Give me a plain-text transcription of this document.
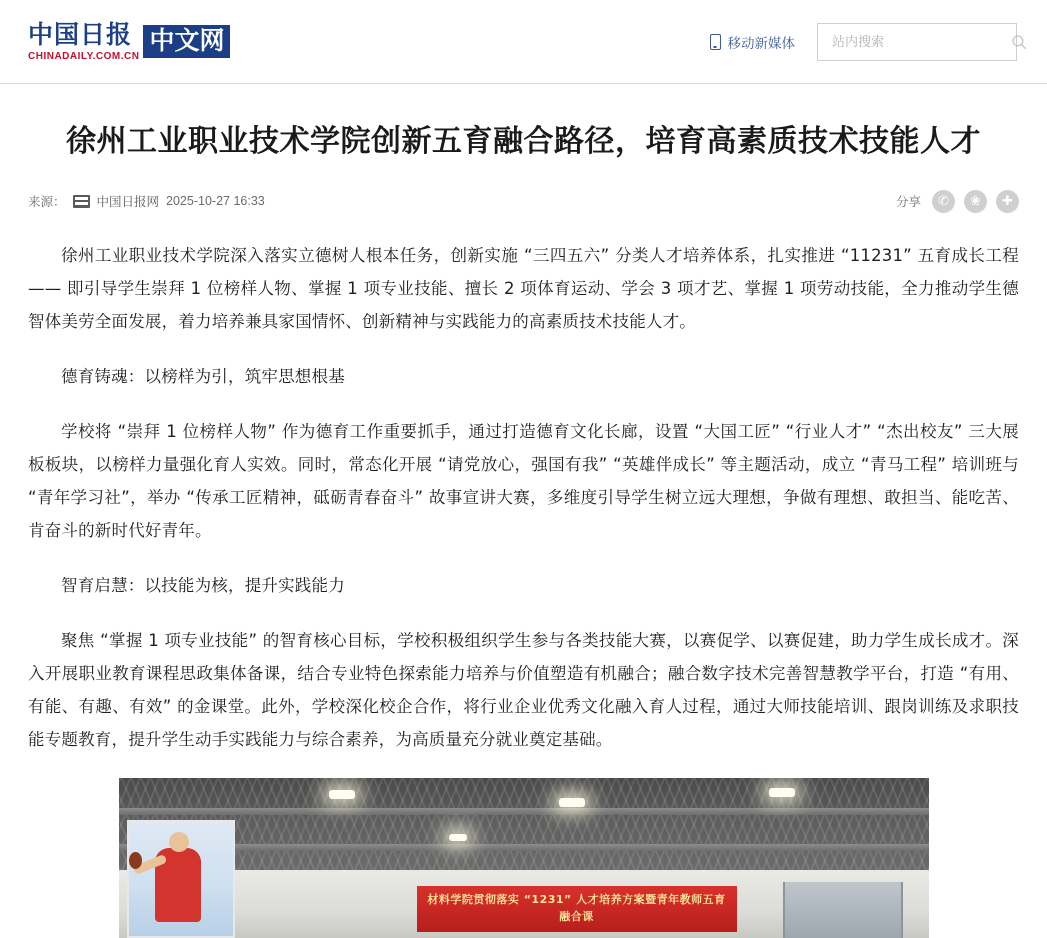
中国日报
CHINADAILY.COM.CN
中文网	移动新媒体
站内搜索
徐州工业职业技术学院创新五育融合路径，培育高素质技术技能人才
来源： 中国日报网 2025-10-27 16:33	分享 ✆ ❀ ✚

徐州工业职业技术学院深入落实立德树人根本任务，创新实施 “三四五六” 分类人才培养体系，扎实推进 “11231” 五育成长工程 —— 即引导学生崇拜 1 位榜样人物、掌握 1 项专业技能、擅长 2 项体育运动、学会 3 项才艺、掌握 1 项劳动技能，全力推动学生德智体美劳全面发展，着力培养兼具家国情怀、创新精神与实践能力的高素质技术技能人才。

德育铸魂：以榜样为引，筑牢思想根基

学校将 “崇拜 1 位榜样人物” 作为德育工作重要抓手，通过打造德育文化长廊，设置 “大国工匠” “行业人才” “杰出校友” 三大展板板块，以榜样力量强化育人实效。同时，常态化开展 “请党放心，强国有我” “英雄伴成长” 等主题活动，成立 “青马工程” 培训班与 “青年学习社”，举办 “传承工匠精神，砥砺青春奋斗” 故事宣讲大赛，多维度引导学生树立远大理想，争做有理想、敢担当、能吃苦、肯奋斗的新时代好青年。

智育启慧：以技能为核，提升实践能力

聚焦 “掌握 1 项专业技能” 的智育核心目标，学校积极组织学生参与各类技能大赛，以赛促学、以赛促建，助力学生成长成才。深入开展职业教育课程思政集体备课，结合专业特色探索能力培养与价值塑造有机融合；融合数字技术完善智慧教学平台，打造 “有用、有能、有趣、有效” 的金课堂。此外，学校深化校企合作，将行业企业优秀文化融入育人过程，通过大师技能培训、跟岗训练及求职技能专题教育，提升学生动手实践能力与综合素养，为高质量充分就业奠定基础。

材料学院贯彻落实 “1231” 人才培养方案暨青年教师五育融合课
